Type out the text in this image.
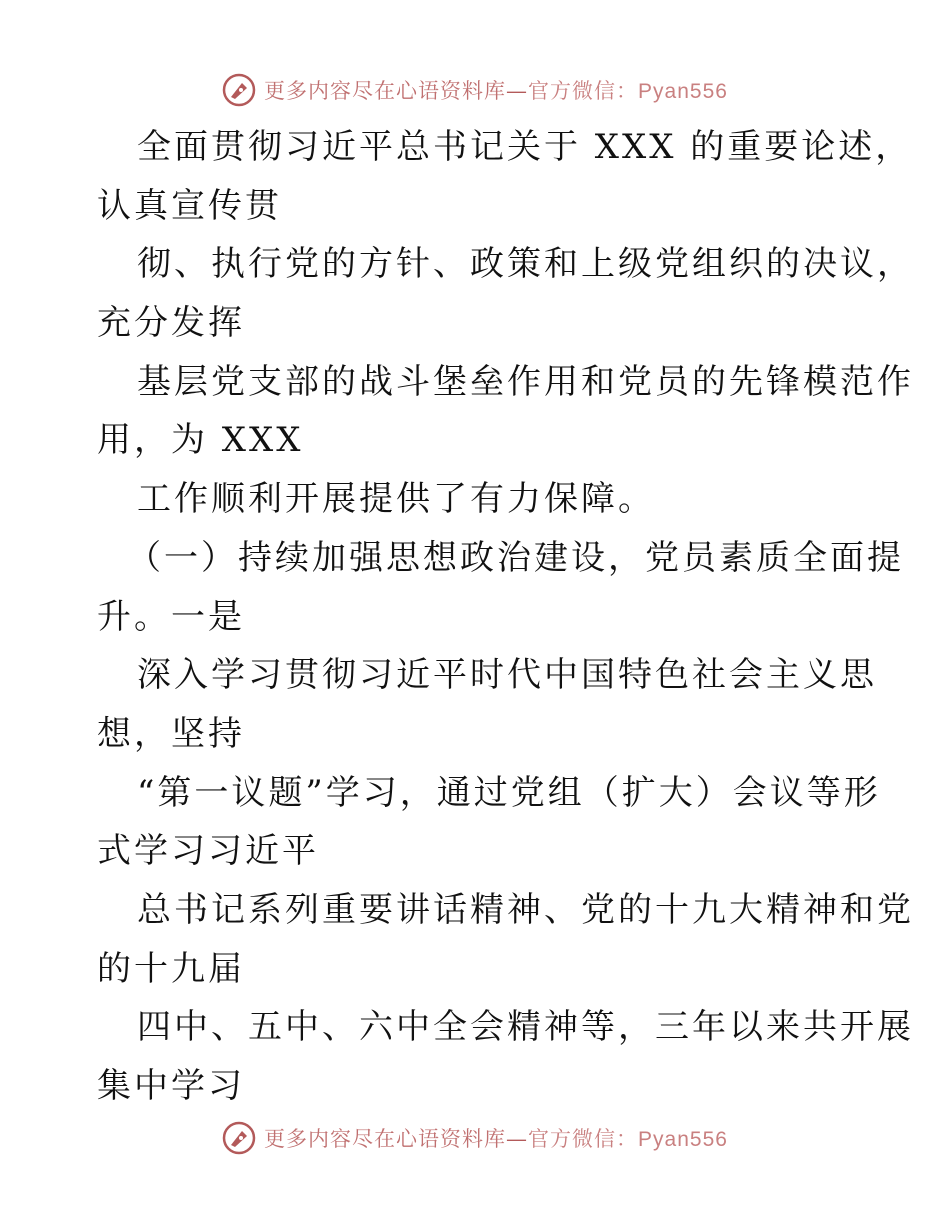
更多内容尽在心语资料库—官方微信：Pyan556
全面贯彻习近平总书记关于 XXX 的重要论述，
认真宣传贯
彻、执行党的方针、政策和上级党组织的决议，
充分发挥
基层党支部的战斗堡垒作用和党员的先锋模范作
用，为 XXX
工作顺利开展提供了有力保障。
（一）持续加强思想政治建设，党员素质全面提
升。一是
深入学习贯彻习近平时代中国特色社会主义思
想，坚持
“第一议题”学习，通过党组（扩大）会议等形
式学习习近平
总书记系列重要讲话精神、党的十九大精神和党
的十九届
四中、五中、六中全会精神等，三年以来共开展
集中学习
更多内容尽在心语资料库—官方微信：Pyan556
